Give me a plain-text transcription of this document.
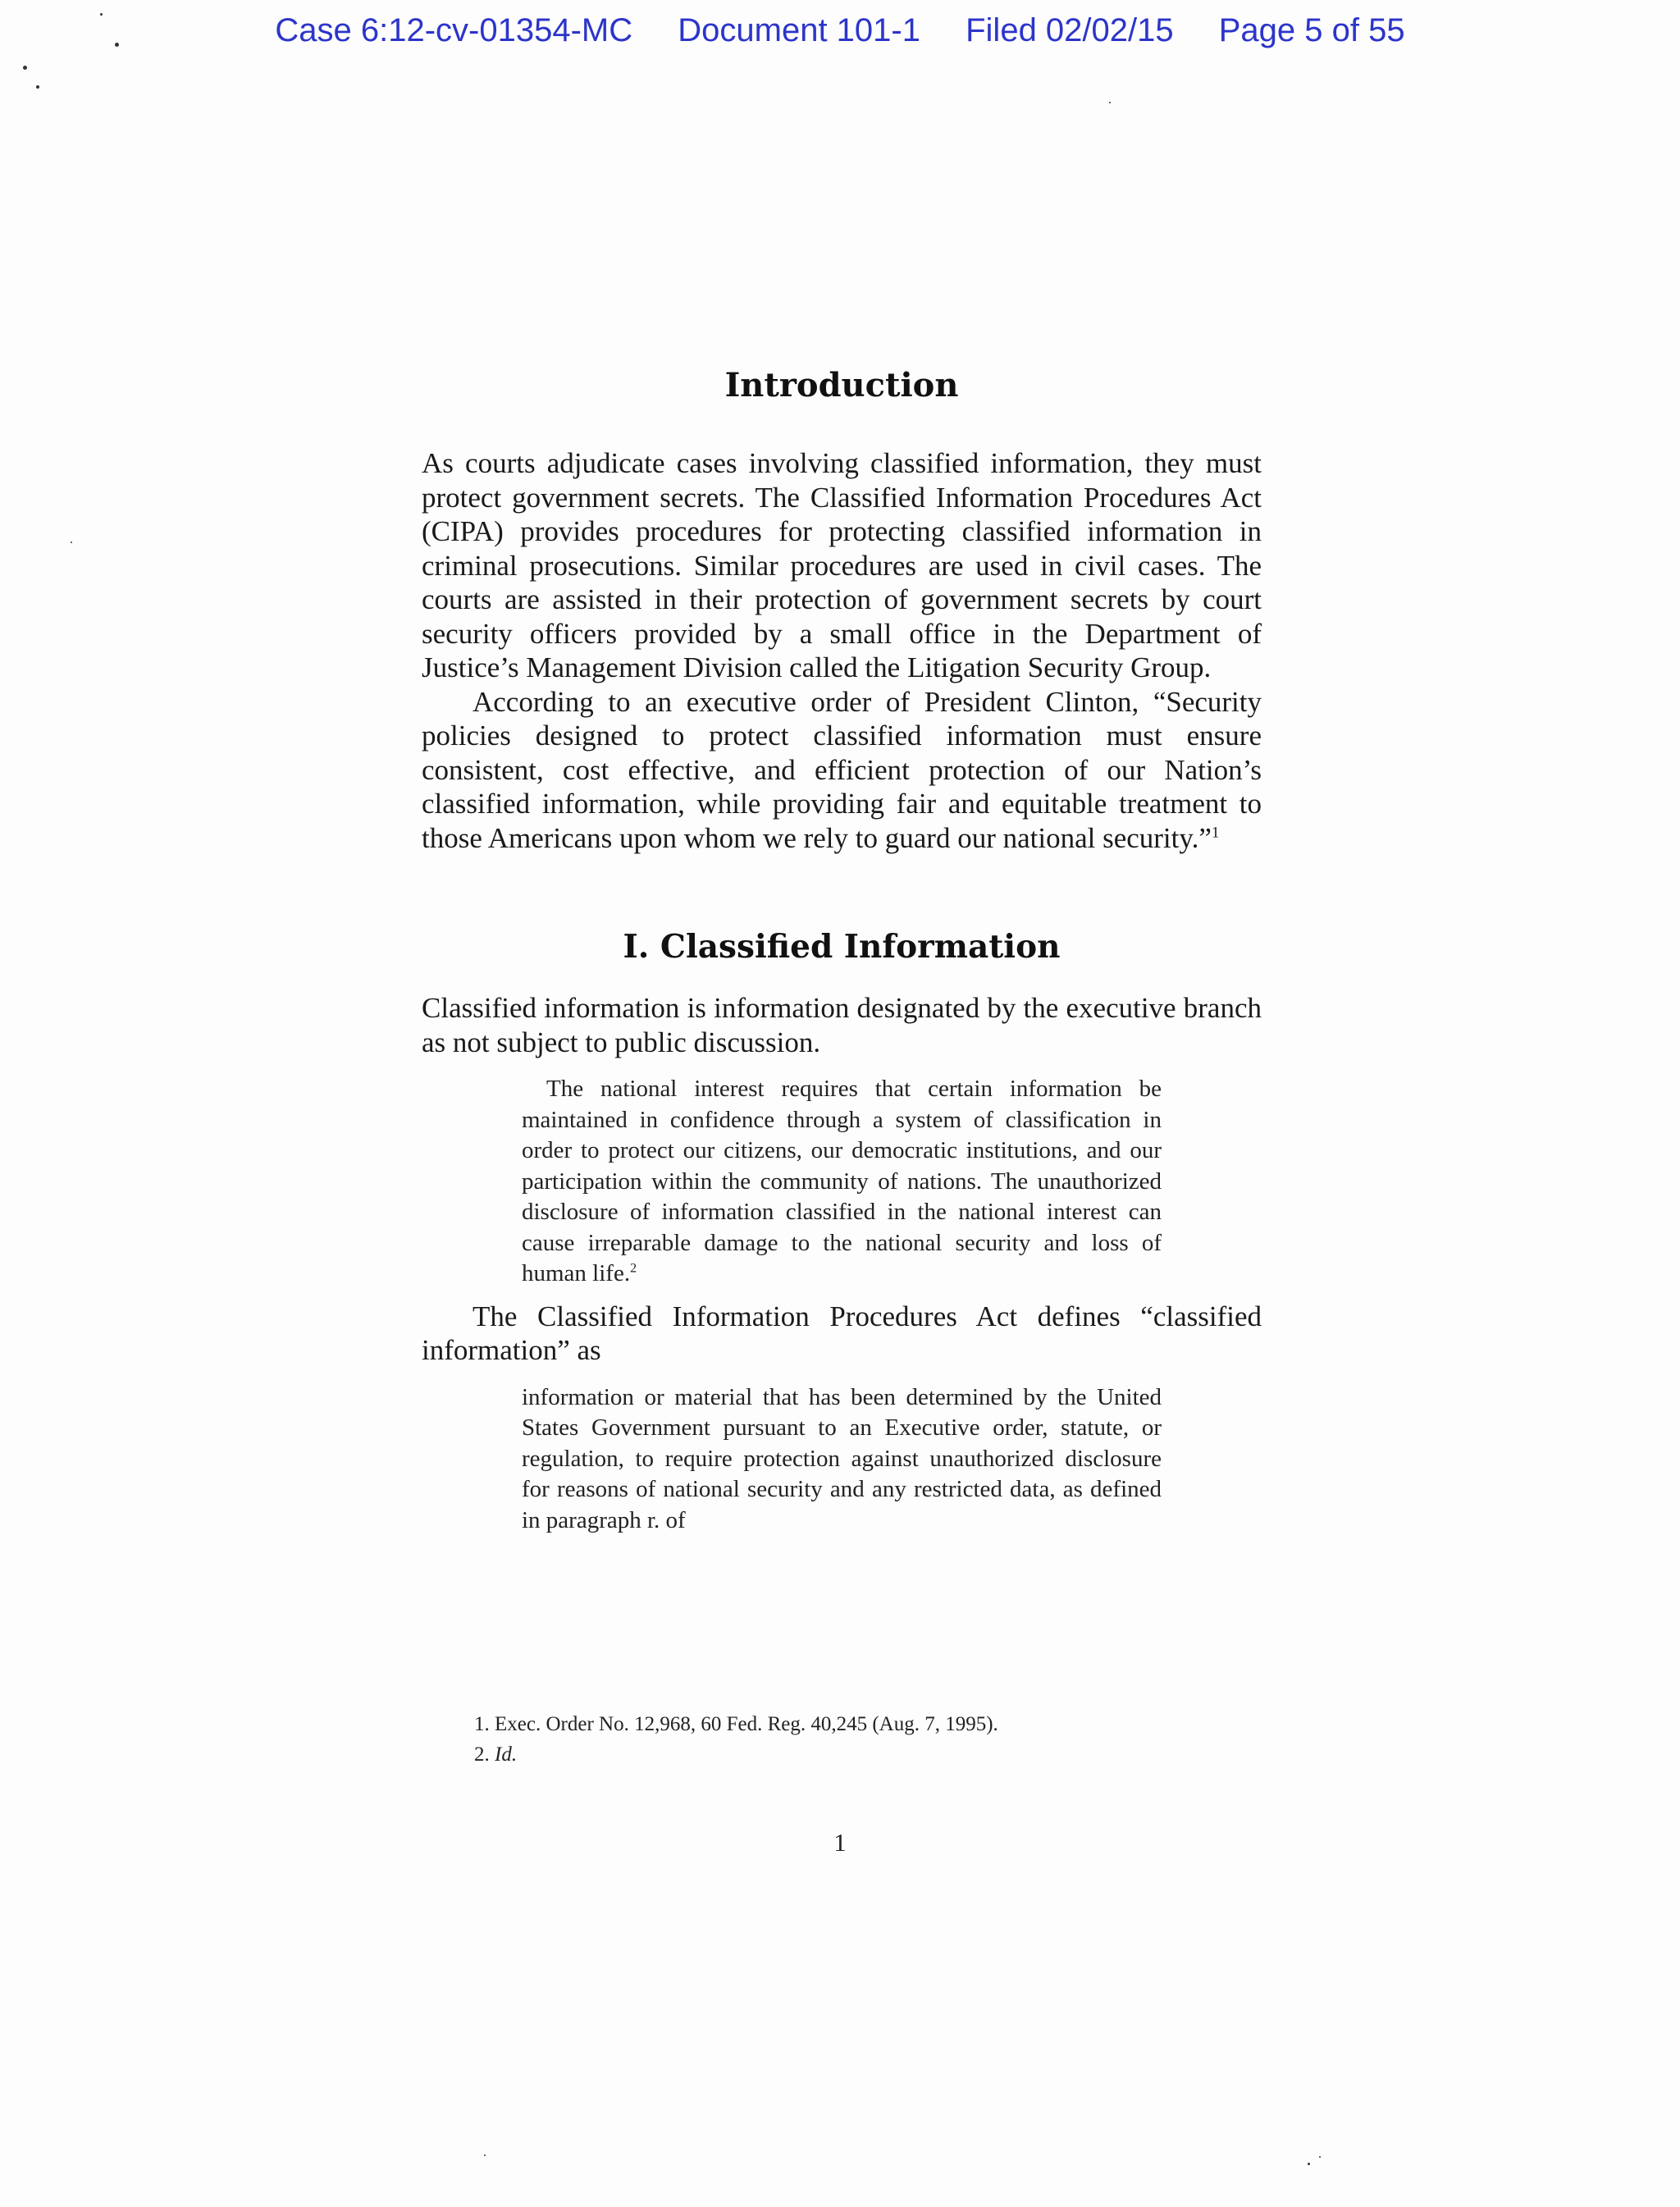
Case 6:12-cv-01354-MC Document 101-1 Filed 02/02/15 Page 5 of 55
Introduction

As courts adjudicate cases involving classified information, they must protect government secrets. The Classified Information Procedures Act (CIPA) provides procedures for protecting classified information in criminal prosecutions. Similar procedures are used in civil cases. The courts are assisted in their protection of government secrets by court security officers provided by a small office in the Department of Justice’s Management Division called the Litigation Security Group.

According to an executive order of President Clinton, “Security policies designed to protect classified information must ensure consistent, cost effective, and efficient protection of our Nation’s classified information, while providing fair and equitable treatment to those Americans upon whom we rely to guard our national security.”$^1$

I. Classified Information

Classified information is information designated by the executive branch as not subject to public discussion.

The national interest requires that certain information be maintained in confidence through a system of classification in order to protect our citizens, our democratic institutions, and our participation within the community of nations. The unauthorized disclosure of information classified in the national interest can cause irreparable damage to the national security and loss of human life.$^2$

The Classified Information Procedures Act defines “classified information” as

information or material that has been determined by the United States Government pursuant to an Executive order, statute, or regulation, to require protection against unauthorized disclosure for reasons of national security and any restricted data, as defined in paragraph r. of

1. Exec. Order No. 12,968, 60 Fed. Reg. 40,245 (Aug. 7, 1995).

2. Id.

1
